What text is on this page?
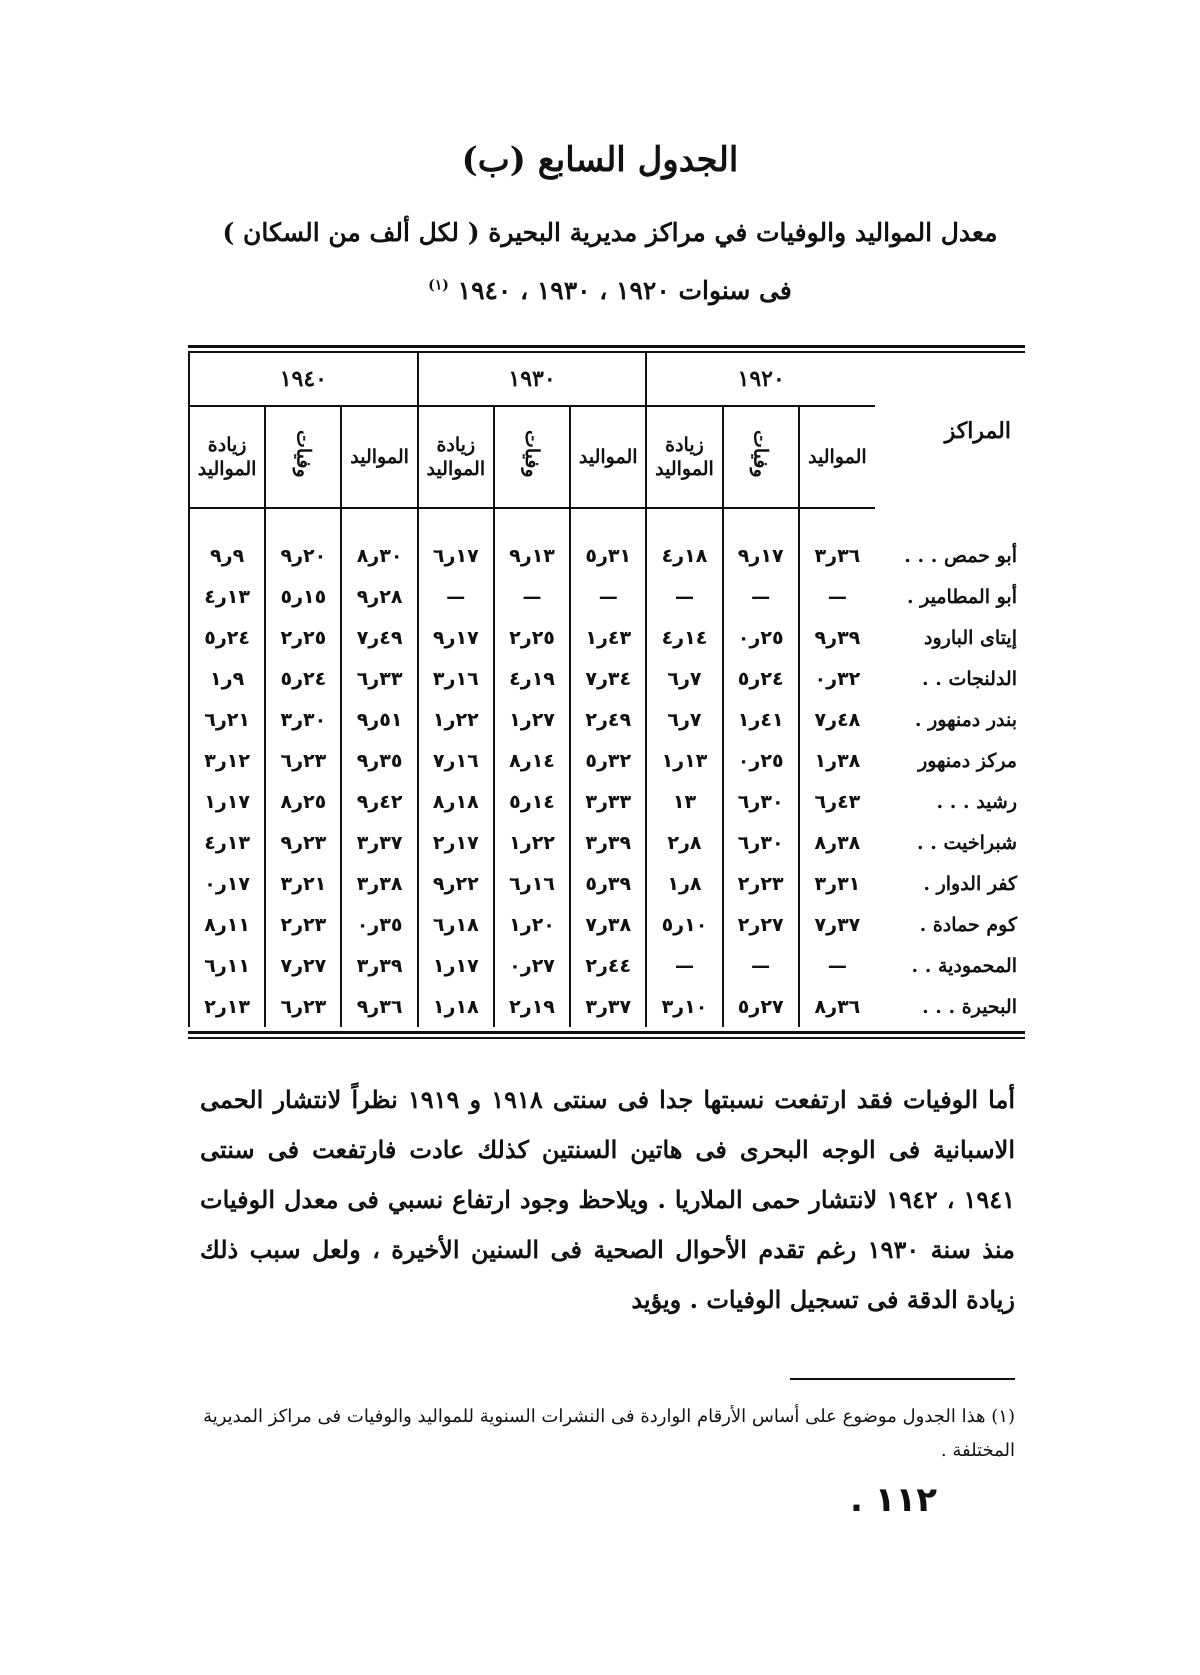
الجدول السابع (ب)
معدل المواليد والوفيات في مراكز مديرية البحيرة ( لكل ألف من السكان )
فى سنوات ١٩٢٠ ، ١٩٣٠ ، ١٩٤٠ $^{(١)}$
المراكز	١٩٢٠			١٩٣٠			١٩٤٠		
	المواليد	وفيات	زيادة المواليد	المواليد	وفيات	زيادة المواليد	المواليد	وفيات	زيادة المواليد

أبو حمص . . .	٣٦ر٣	١٧ر٩	١٨ر٤	٣١ر٥	١٣ر٩	١٧ر٦	٣٠ر٨	٢٠ر٩	٩ر٩
أبو المطامير .	—	—	—	—	—	—	٢٨ر٩	١٥ر٥	١٣ر٤
إيتاى البارود	٣٩ر٩	٢٥ر٠	١٤ر٤	٤٣ر١	٢٥ر٢	١٧ر٩	٤٩ر٧	٢٥ر٢	٢٤ر٥
الدلنجات . .	٣٢ر٠	٢٤ر٥	٧ر٦	٣٤ر٧	١٩ر٤	١٦ر٣	٣٣ر٦	٢٤ر٥	٩ر١
بندر دمنهور .	٤٨ر٧	٤١ر١	٧ر٦	٤٩ر٢	٢٧ر١	٢٢ر١	٥١ر٩	٣٠ر٣	٢١ر٦
مركز دمنهور	٣٨ر١	٢٥ر٠	١٣ر١	٣٢ر٥	١٤ر٨	١٦ر٧	٣٥ر٩	٢٣ر٦	١٢ر٣
رشيد . . .	٤٣ر٦	٣٠ر٦	١٣	٣٣ر٣	١٤ر٥	١٨ر٨	٤٢ر٩	٢٥ر٨	١٧ر١
شبراخيت . .	٣٨ر٨	٣٠ر٦	٨ر٢	٣٩ر٣	٢٢ر١	١٧ر٢	٣٧ر٣	٢٣ر٩	١٣ر٤
كفر الدوار .	٣١ر٣	٢٣ر٢	٨ر١	٣٩ر٥	١٦ر٦	٢٢ر٩	٣٨ر٣	٢١ر٣	١٧ر٠
كوم حمادة .	٣٧ر٧	٢٧ر٢	١٠ر٥	٣٨ر٧	٢٠ر١	١٨ر٦	٣٥ر٠	٢٣ر٢	١١ر٨
المحمودية . .	—	—	—	٤٤ر٢	٢٧ر٠	١٧ر١	٣٩ر٣	٢٧ر٧	١١ر٦
البحيرة . . .	٣٦ر٨	٢٧ر٥	١٠ر٣	٣٧ر٣	١٩ر٢	١٨ر١	٣٦ر٩	٢٣ر٦	١٣ر٢

أما الوفيات فقد ارتفعت نسبتها جدا فى سنتى ١٩١٨ و ١٩١٩ نظراً لانتشار الحمى الاسبانية فى الوجه البحرى فى هاتين السنتين كذلك عادت فارتفعت فى سنتى ١٩٤١ ، ١٩٤٢ لانتشار حمى الملاريا . ويلاحظ وجود ارتفاع نسبي فى معدل الوفيات منذ سنة ١٩٣٠ رغم تقدم الأحوال الصحية فى السنين الأخيرة ، ولعل سبب ذلك زيادة الدقة فى تسجيل الوفيات . ويؤيد

(١) هذا الجدول موضوع على أساس الأرقام الواردة فى النشرات السنوية للمواليد والوفيات فى مراكز المديرية المختلفة .
١١٢ .
